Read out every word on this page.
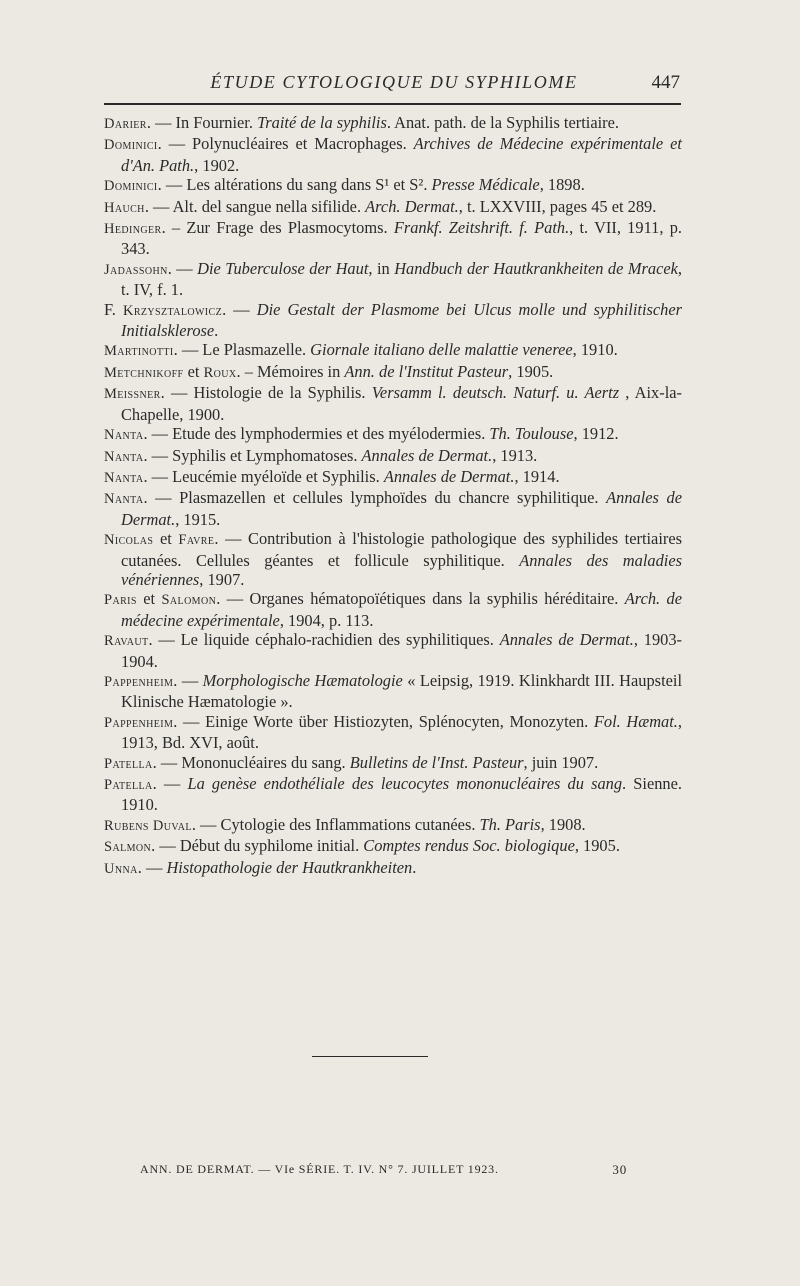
ÉTUDE CYTOLOGIQUE DU SYPHILOME	447

Darier. — In Fournier. Traité de la syphilis. Anat. path. de la Syphilis tertiaire.

Dominici. — Polynucléaires et Macrophages. Archives de Médecine expérimentale et d'An. Path., 1902.

Dominici. — Les altérations du sang dans S¹ et S². Presse Médicale, 1898.

Hauch. — Alt. del sangue nella sifilide. Arch. Dermat., t. LXXVIII, pages 45 et 289.

Hedinger. – Zur Frage des Plasmocytoms. Frankf. Zeitshrift. f. Path., t. VII, 1911, p. 343.

Jadassohn. — Die Tuberculose der Haut, in Handbuch der Hautkrankheiten de Mracek, t. IV, f. 1.

F. Krzysztalowicz. — Die Gestalt der Plasmome bei Ulcus molle und syphilitischer Initialsklerose.

Martinotti. — Le Plasmazelle. Giornale italiano delle malattie veneree, 1910.

Metchnikoff et Roux. – Mémoires in Ann. de l'Institut Pasteur, 1905.

Meissner. — Histologie de la Syphilis. Versamm l. deutsch. Naturf. u. Aertz , Aix-la-Chapelle, 1900.

Nanta. — Etude des lymphodermies et des myélodermies. Th. Toulouse, 1912.

Nanta. — Syphilis et Lymphomatoses. Annales de Dermat., 1913.

Nanta. — Leucémie myéloïde et Syphilis. Annales de Dermat., 1914.

Nanta. — Plasmazellen et cellules lymphoïdes du chancre syphilitique. Annales de Dermat., 1915.

Nicolas et Favre. — Contribution à l'histologie pathologique des syphilides tertiaires cutanées. Cellules géantes et follicule syphilitique. Annales des maladies vénériennes, 1907.

Paris et Salomon. — Organes hématopoïétiques dans la syphilis héréditaire. Arch. de médecine expérimentale, 1904, p. 113.

Ravaut. — Le liquide céphalo-rachidien des syphilitiques. Annales de Dermat., 1903-1904.

Pappenheim. — Morphologische Hæmatologie « Leipsig, 1919. Klinkhardt III. Haupsteil Klinische Hæmatologie ».

Pappenheim. — Einige Worte über Histiozyten, Splénocyten, Monozyten. Fol. Hæmat., 1913, Bd. XVI, août.

Patella. — Mononucléaires du sang. Bulletins de l'Inst. Pasteur, juin 1907.

Patella. — La genèse endothéliale des leucocytes mononucléaires du sang. Sienne. 1910.

Rubens Duval. — Cytologie des Inflammations cutanées. Th. Paris, 1908.

Salmon. — Début du syphilome initial. Comptes rendus Soc. biologique, 1905.

Unna. — Histopathologie der Hautkrankheiten.

ANN. DE DERMAT. — VIe SÉRIE. T. IV. N° 7. JUILLET 1923.	30
